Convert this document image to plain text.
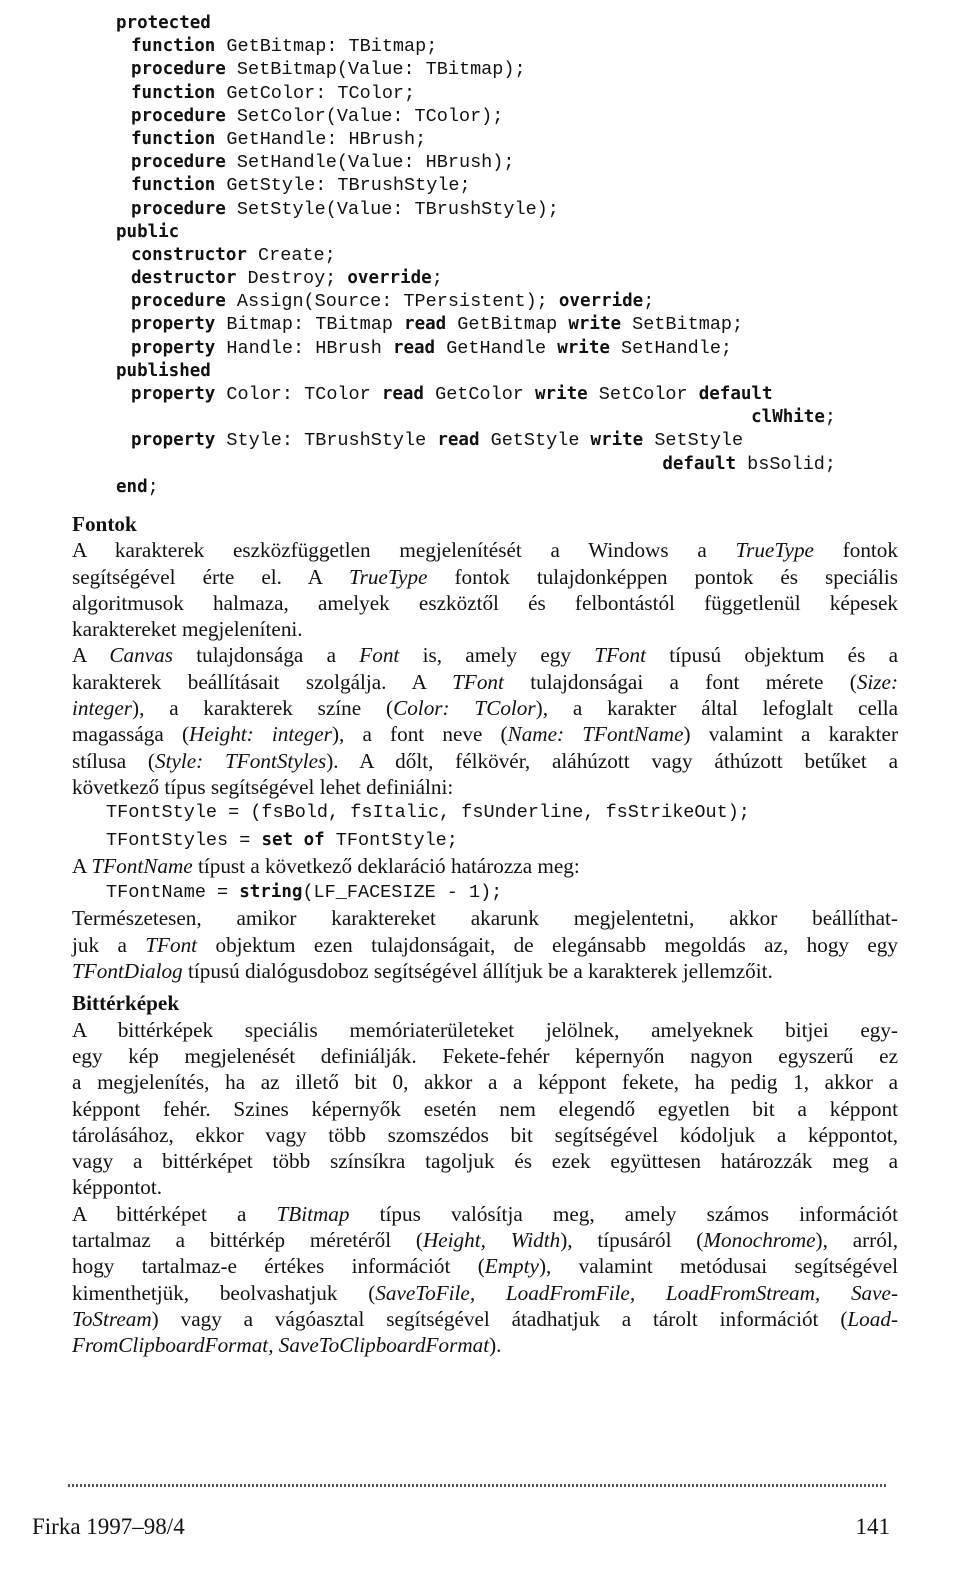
protected
function GetBitmap: TBitmap;
procedure SetBitmap(Value: TBitmap);
function GetColor: TColor;
procedure SetColor(Value: TColor);
function GetHandle: HBrush;
procedure SetHandle(Value: HBrush);
function GetStyle: TBrushStyle;
procedure SetStyle(Value: TBrushStyle);
public
constructor Create;
destructor Destroy; override;
procedure Assign(Source: TPersistent); override;
property Bitmap: TBitmap read GetBitmap write SetBitmap;
property Handle: HBrush read GetHandle write SetHandle;
published
property Color: TColor read GetColor write SetColor default
clWhite;
property Style: TBrushStyle read GetStyle write SetStyle
default bsSolid;
end;
Fontok
A karakterek eszközfüggetlen megjelenítését a Windows a TrueType fontok
segítségével érte el. A TrueType fontok tulajdonképpen pontok és speciális
algoritmusok halmaza, amelyek eszköztől és felbontástól függetlenül képesek
karaktereket megjeleníteni.
A Canvas tulajdonsága a Font is, amely egy TFont típusú objektum és a
karakterek beállításait szolgálja. A TFont tulajdonságai a font mérete (Size:
integer), a karakterek színe (Color: TColor), a karakter által lefoglalt cella
magassága (Height: integer), a font neve (Name: TFontName) valamint a karakter
stílusa (Style: TFontStyles). A dőlt, félkövér, aláhúzott vagy áthúzott betűket a
következő típus segítségével lehet definiálni:
TFontStyle = (fsBold, fsItalic, fsUnderline, fsStrikeOut);
TFontStyles = set of TFontStyle;
A TFontName típust a következő deklaráció határozza meg:
TFontName = string(LF_FACESIZE - 1);
Természetesen, amikor karaktereket akarunk megjelentetni, akkor beállíthat-
juk a TFont objektum ezen tulajdonságait, de elegánsabb megoldás az, hogy egy
TFontDialog típusú dialógusdoboz segítségével állítjuk be a karakterek jellemzőit.
Bittérképek
A bittérképek speciális memóriaterületeket jelölnek, amelyeknek bitjei egy-
egy kép megjelenését definiálják. Fekete-fehér képernyőn nagyon egyszerű ez
a megjelenítés, ha az illető bit 0, akkor a a képpont fekete, ha pedig 1, akkor a
képpont fehér. Szines képernyők esetén nem elegendő egyetlen bit a képpont
tárolásához, ekkor vagy több szomszédos bit segítségével kódoljuk a képpontot,
vagy a bittérképet több színsíkra tagoljuk és ezek együttesen határozzák meg a
képpontot.
A bittérképet a TBitmap típus valósítja meg, amely számos információt
tartalmaz a bittérkép méretéről (Height, Width), típusáról (Monochrome), arról,
hogy tartalmaz-e értékes információt (Empty), valamint metódusai segítségével
kimenthetjük, beolvashatjuk (SaveToFile, LoadFromFile, LoadFromStream, Save-
ToStream) vagy a vágóasztal segítségével átadhatjuk a tárolt információt (Load-
FromClipboardFormat, SaveToClipboardFormat).
Firka 1997–98/4	141
